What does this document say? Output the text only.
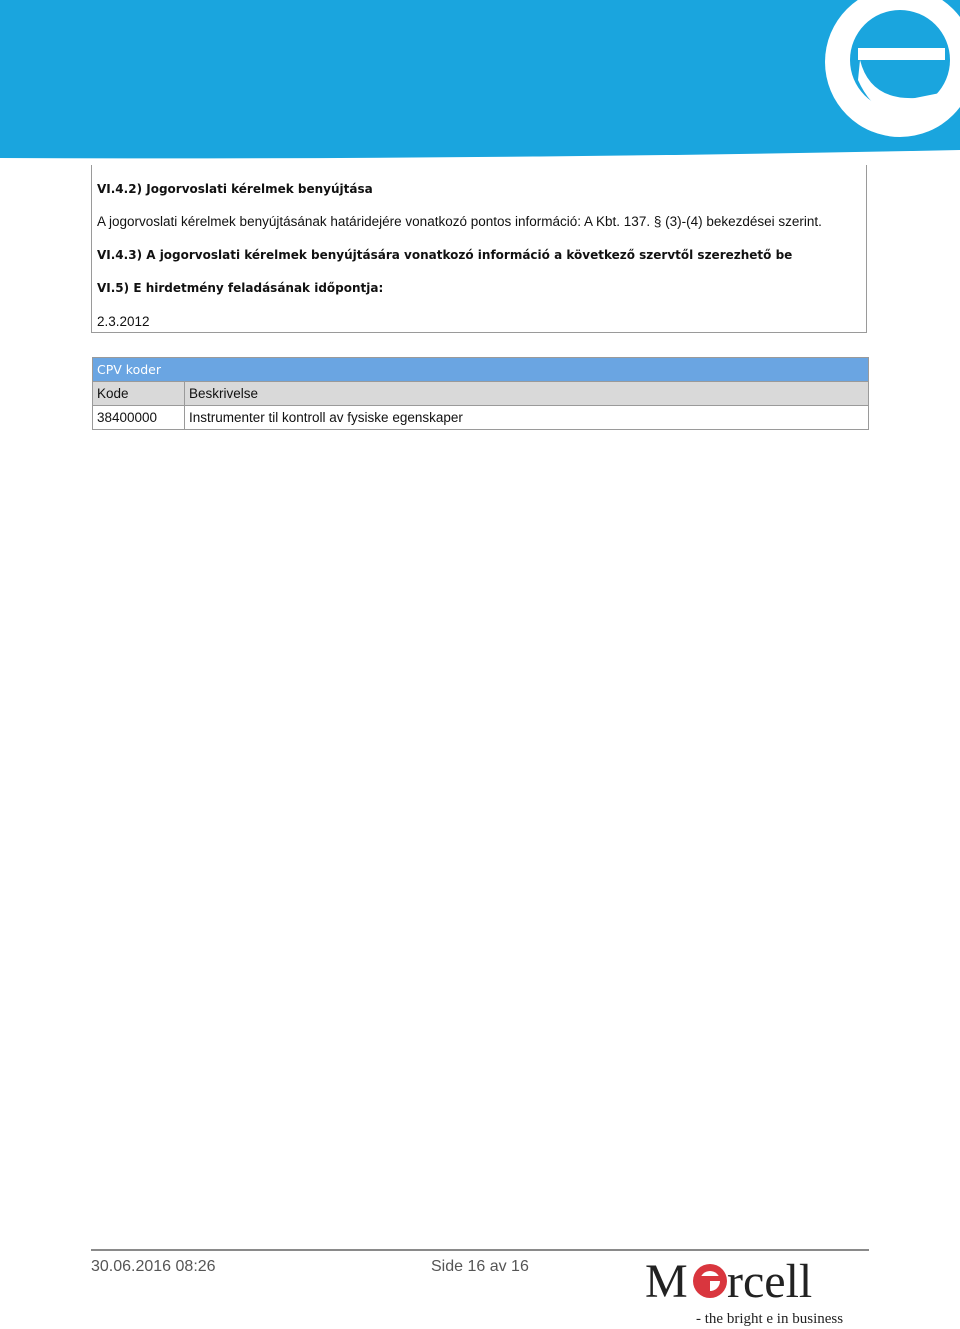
VI.4.2) Jogorvoslati kérelmek benyújtása
A jogorvoslati kérelmek benyújtásának határidejére vonatkozó pontos információ: A Kbt. 137. § (3)-(4) bekezdései szerint.
VI.4.3) A jogorvoslati kérelmek benyújtására vonatkozó információ a következő szervtől szerezhető be
VI.5) E hirdetmény feladásának időpontja:
2.3.2012
CPV koder	
Kode	Beskrivelse
38400000	Instrumenter til kontroll av fysiske egenskaper
30.06.2016 08:26	Side 16 av 16 M rcell
- the bright e in business
